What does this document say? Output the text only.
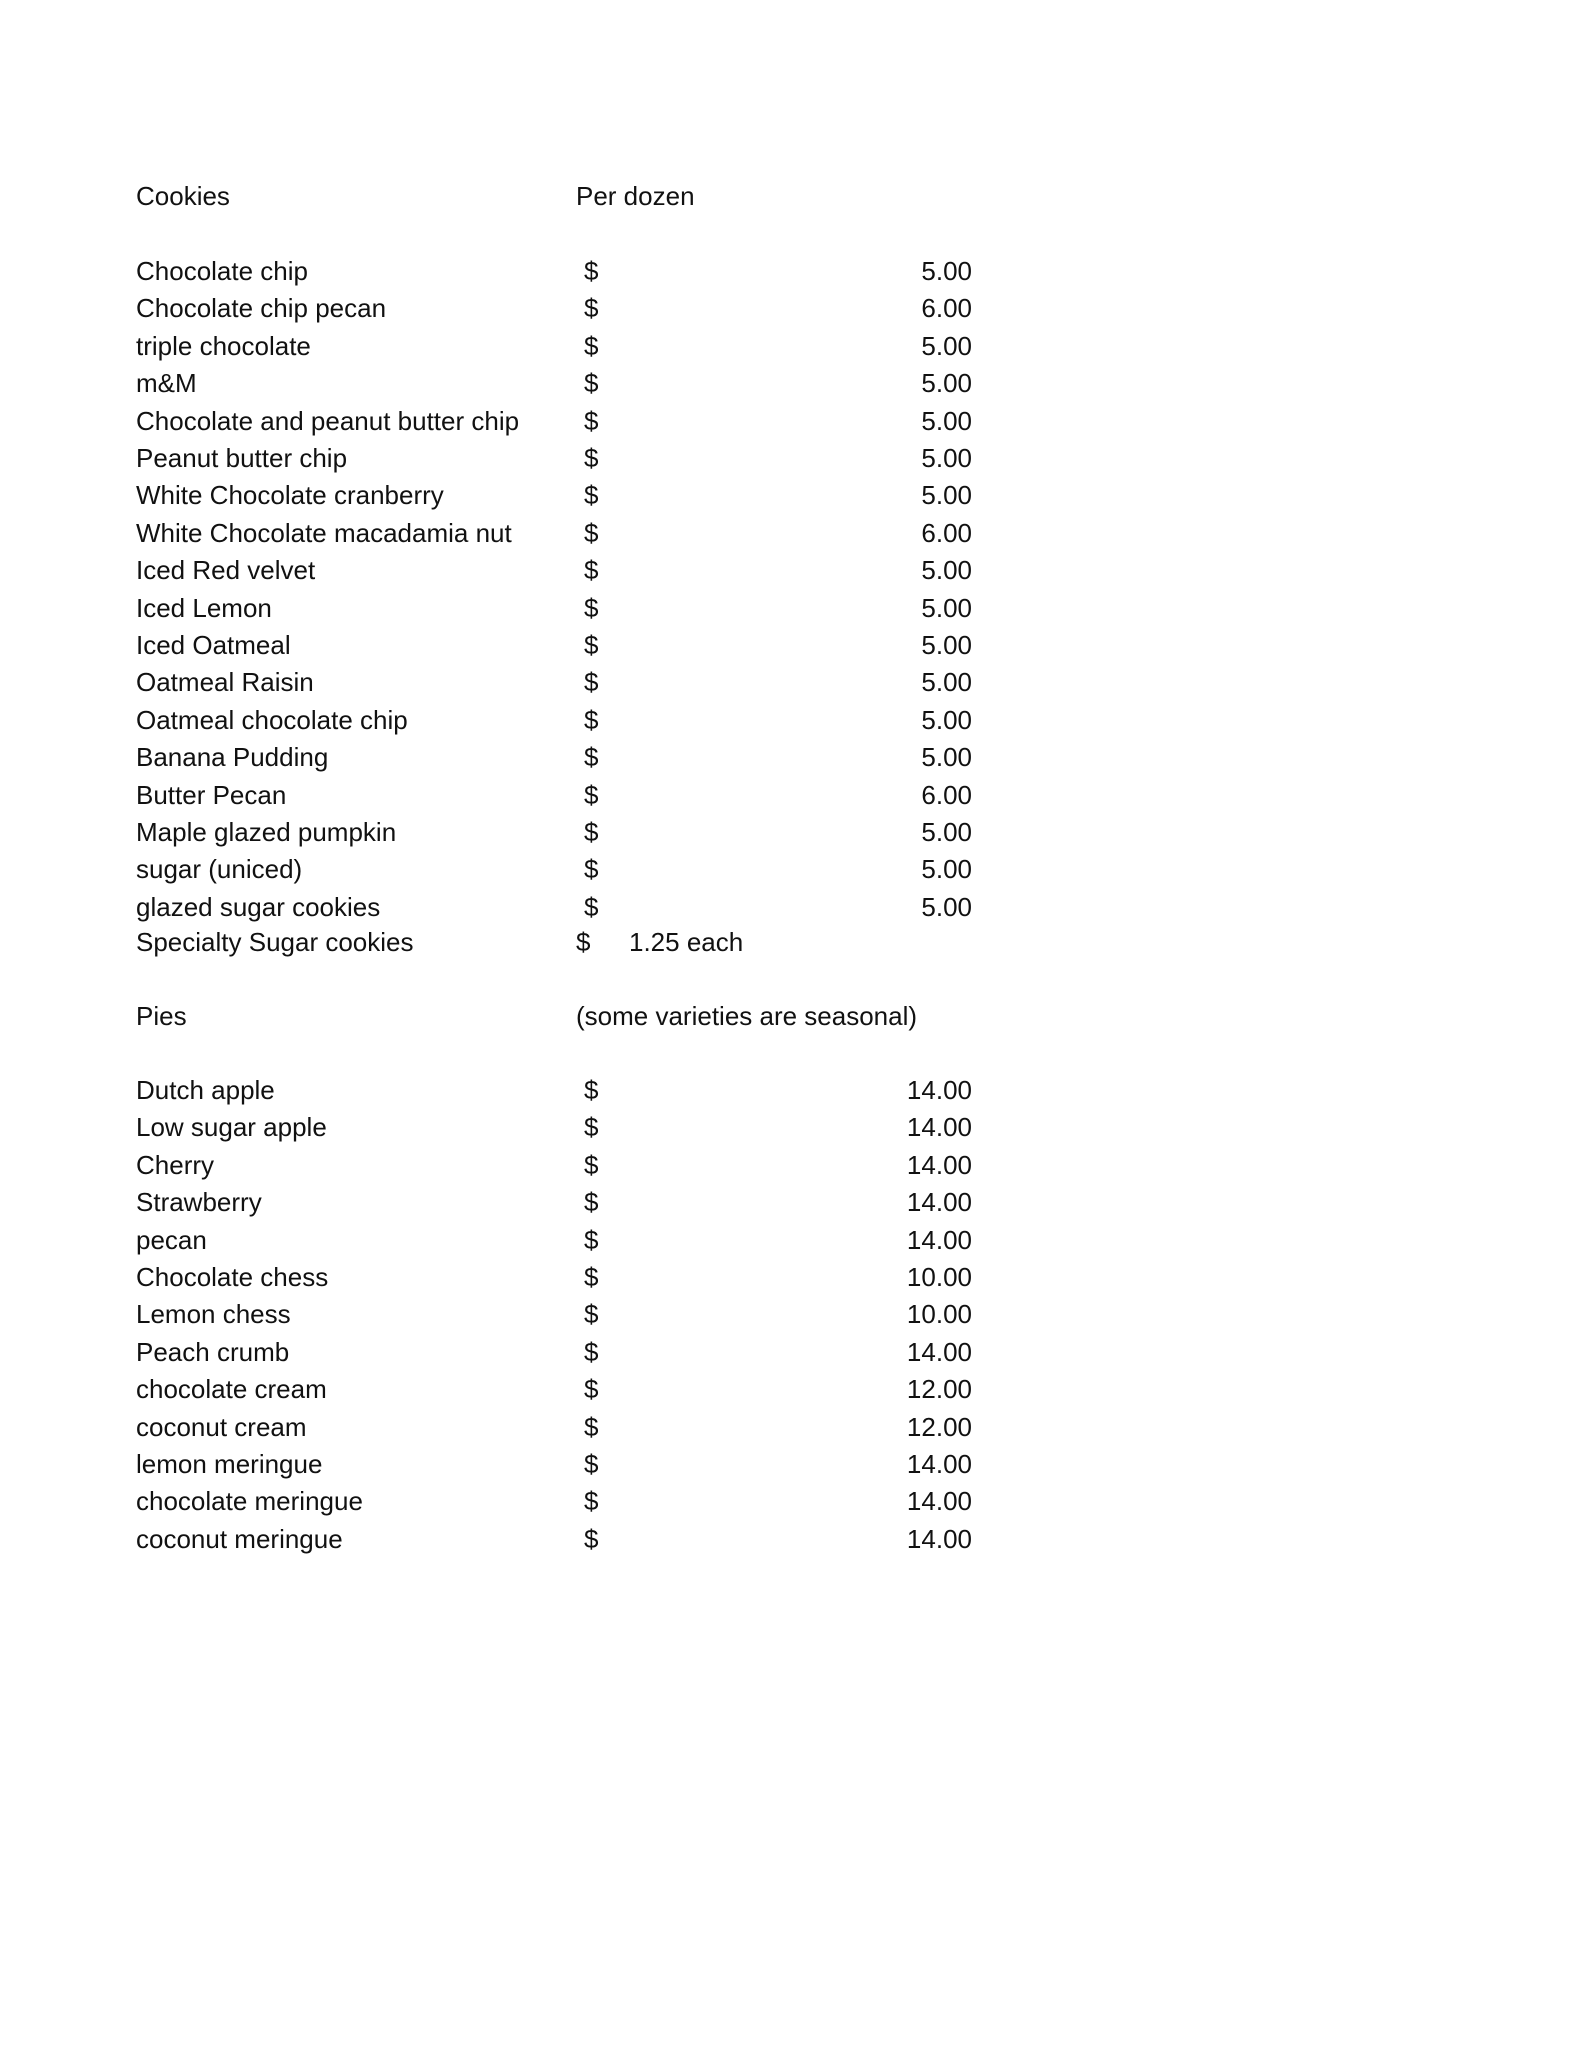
Cookies	Per dozen
Chocolate chip	$	5.00
Chocolate chip pecan	$	6.00
triple chocolate	$	5.00
m&M	$	5.00
Chocolate and peanut butter chip $	5.00
Peanut butter chip	$	5.00
White Chocolate cranberry	$	5.00
White Chocolate macadamia nut	$	6.00
Iced Red velvet	$	5.00
Iced Lemon	$	5.00
Iced Oatmeal	$	5.00
Oatmeal Raisin	$	5.00
Oatmeal chocolate chip	$	5.00
Banana Pudding	$	5.00
Butter Pecan	$	6.00
Maple glazed pumpkin	$	5.00
sugar (uniced)	$	5.00
glazed sugar cookies	$	5.00
Specialty Sugar cookies	$ 1.25 each
Pies	(some varieties are seasonal)
Dutch apple	$	14.00
Low sugar apple	$	14.00
Cherry	$	14.00
Strawberry	$	14.00
pecan	$	14.00
Chocolate chess	$	10.00
Lemon chess	$	10.00
Peach crumb	$	14.00
chocolate cream	$	12.00
coconut cream	$	12.00
lemon meringue	$	14.00
chocolate meringue	$	14.00
coconut meringue	$	14.00
